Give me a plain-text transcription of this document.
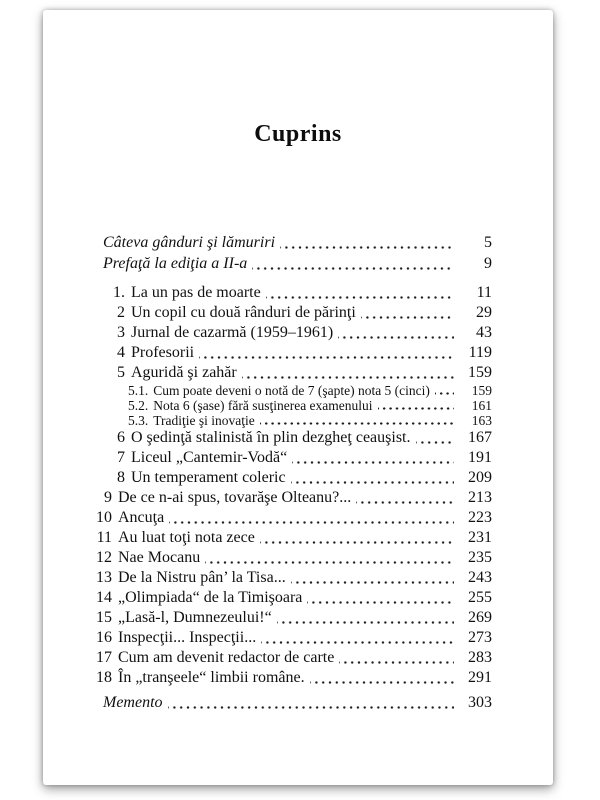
Cuprins
Câteva gânduri şi lămuriri	5
Prefaţă la ediţia a II-a	9
1. La un pas de moarte	11
2 Un copil cu două rânduri de părinţi	29
3 Jurnal de cazarmă (1959–1961)	43
4 Profesorii	119
5 Aguridă şi zahăr	159
5.1. Cum poate deveni o notă de 7 (şapte) nota 5 (cinci)	159
5.2. Nota 6 (şase) fără susţinerea examenului	161
5.3. Tradiţie şi inovaţie	163
6 O şedinţă stalinistă în plin dezgheţ ceauşist.	167
7 Liceul „Cantemir-Vodă“	191
8 Un temperament coleric	209
9 De ce n-ai spus, tovarăşe Olteanu?...	213
10 Ancuţa	223
11 Au luat toţi nota zece	231
12 Nae Mocanu	235
13 De la Nistru pân’ la Tisa...	243
14 „Olimpiada“ de la Timişoara	255
15 „Lasă-l, Dumnezeului!“	269
16 Inspecţii... Inspecţii...	273
17 Cum am devenit redactor de carte	283
18 În „tranşeele“ limbii române.	291
Memento	303
